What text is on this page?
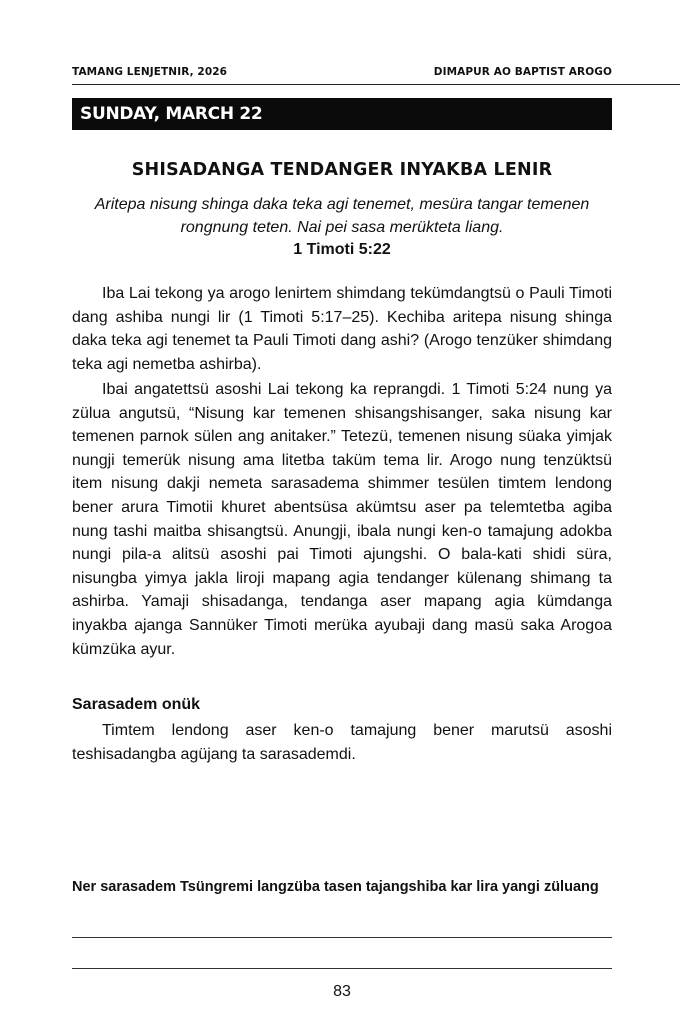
TAMANG LENJETNIR, 2026	DIMAPUR AO BAPTIST AROGO
SUNDAY, MARCH 22
SHISADANGA TENDANGER INYAKBA LENIR
Aritepa nisung shinga daka teka agi tenemet, mesüra tangar temenen rongnung teten. Nai pei sasa merükteta liang.
1 Timoti 5:22

Iba Lai tekong ya arogo lenirtem shimdang tekümdangtsü o Pauli Timoti dang ashiba nungi lir (1 Timoti 5:17–25). Kechiba aritepa nisung shinga daka teka agi tenemet ta Pauli Timoti dang ashi? (Arogo tenzüker shimdang teka agi nemetba ashirba).

Ibai angatettsü asoshi Lai tekong ka reprangdi. 1 Timoti 5:24 nung ya zülua angutsü, “Nisung kar temenen shisangshisanger, saka nisung kar temenen parnok sülen ang anitaker.” Tetezü, temenen nisung süaka yimjak nungji temerük nisung ama litetba taküm tema lir. Arogo nung tenzüktsü item nisung dakji nemeta sarasadema shimmer tesülen timtem lendong bener arura Timotii khuret abentsüsa akümtsu aser pa telemtetba agiba nung tashi maitba shisangtsü. Anungji, ibala nungi ken-o tamajung adokba nungi pila-a alitsü asoshi pai Timoti ajungshi. O bala-kati shidi süra, nisungba yimya jakla liroji mapang agia tendanger külenang shimang ta ashirba. Yamaji shisadanga, tendanga aser mapang agia kümdanga inyakba ajanga Sannüker Timoti merüka ayubaji dang masü saka Arogoa kümzüka ayur.

Sarasadem onük

Timtem lendong aser ken-o tamajung bener marutsü asoshi teshisadangba agüjang ta sarasademdi.

Ner sarasadem Tsüngremi langzüba tasen tajangshiba kar lira yangi züluang
83
